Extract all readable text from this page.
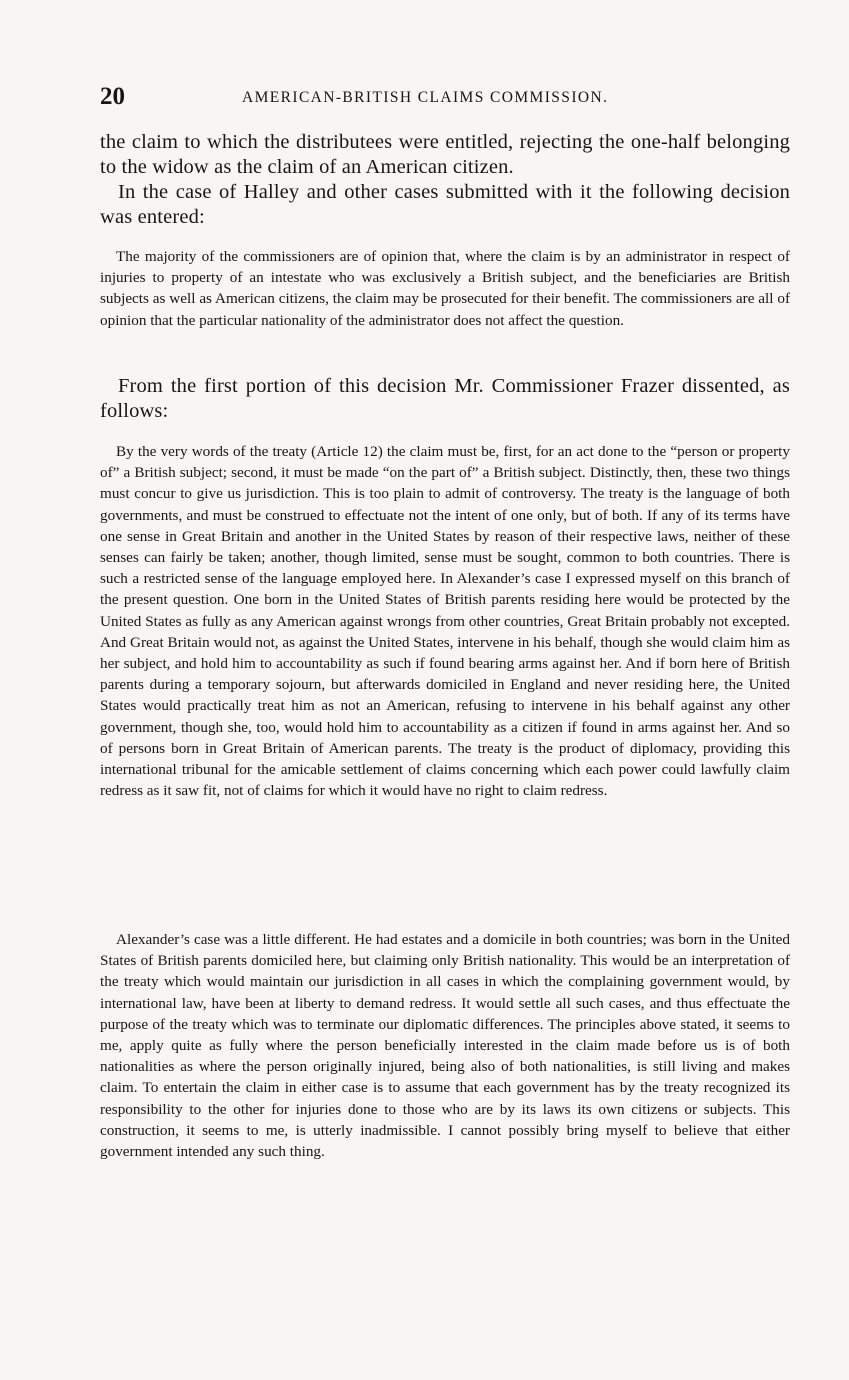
20	AMERICAN-BRITISH CLAIMS COMMISSION.

the claim to which the distributees were entitled, rejecting the one-half belonging to the widow as the claim of an American citizen.

In the case of Halley and other cases submitted with it the following decision was entered:

The majority of the commissioners are of opinion that, where the claim is by an administrator in respect of injuries to property of an intestate who was exclusively a British subject, and the beneficiaries are British subjects as well as American citizens, the claim may be prosecuted for their benefit. The commissioners are all of opinion that the particular nationality of the administrator does not affect the question.

From the first portion of this decision Mr. Commissioner Frazer dissented, as follows:

By the very words of the treaty (Article 12) the claim must be, first, for an act done to the “person or property of” a British subject; second, it must be made “on the part of” a British subject. Distinctly, then, these two things must concur to give us jurisdiction. This is too plain to admit of controversy. The treaty is the language of both governments, and must be construed to effectuate not the intent of one only, but of both. If any of its terms have one sense in Great Britain and another in the United States by reason of their respective laws, neither of these senses can fairly be taken; another, though limited, sense must be sought, common to both countries. There is such a restricted sense of the language employed here. In Alexander’s case I expressed myself on this branch of the present question. One born in the United States of British parents residing here would be protected by the United States as fully as any American against wrongs from other countries, Great Britain probably not excepted. And Great Britain would not, as against the United States, intervene in his behalf, though she would claim him as her subject, and hold him to accountability as such if found bearing arms against her. And if born here of British parents during a temporary sojourn, but afterwards domiciled in England and never residing here, the United States would practically treat him as not an American, refusing to intervene in his behalf against any other government, though she, too, would hold him to accountability as a citizen if found in arms against her. And so of persons born in Great Britain of American parents. The treaty is the product of diplomacy, providing this international tribunal for the amicable settlement of claims concerning which each power could lawfully claim redress as it saw fit, not of claims for which it would have no right to claim redress.

Alexander’s case was a little different. He had estates and a domicile in both countries; was born in the United States of British parents domiciled here, but claiming only British nationality. This would be an interpretation of the treaty which would maintain our jurisdiction in all cases in which the complaining government would, by international law, have been at liberty to demand redress. It would settle all such cases, and thus effectuate the purpose of the treaty which was to terminate our diplomatic differences. The principles above stated, it seems to me, apply quite as fully where the person beneficially interested in the claim made before us is of both nationalities as where the person originally injured, being also of both nationalities, is still living and makes claim. To entertain the claim in either case is to assume that each government has by the treaty recognized its responsibility to the other for injuries done to those who are by its laws its own citizens or subjects. This construction, it seems to me, is utterly inadmissible. I cannot possibly bring myself to believe that either government intended any such thing.
